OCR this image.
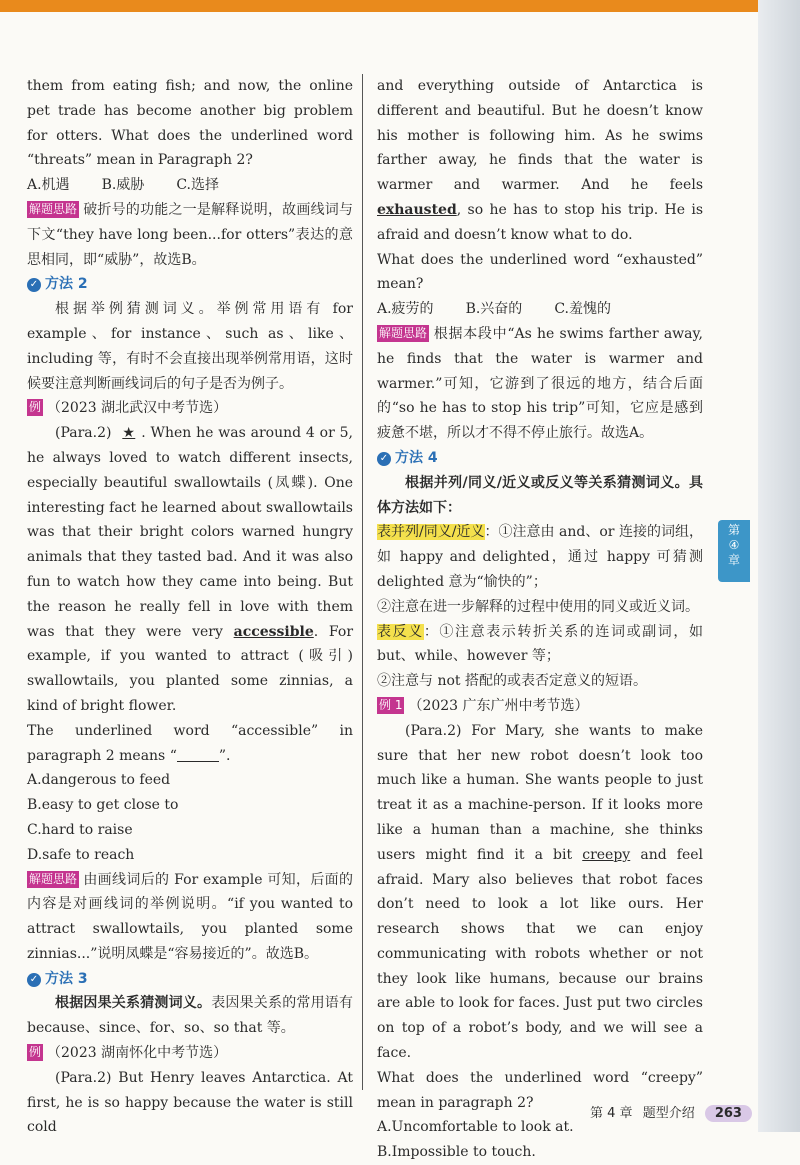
第
④
章

them from eating fish; and now, the online pet trade has become another big problem for otters. What does the underlined word “threats” mean in Paragraph 2?

A.机遇 B.威胁 C.选择

解题思路 破折号的功能之一是解释说明，故画线词与下文“they have long been...for otters”表达的意思相同，即“威胁”，故选B。

✓ 方法 2

根据举例猜测词义。举例常用语有 for example、for instance、such as、like、including 等，有时不会直接出现举例常用语，这时候要注意判断画线词后的句子是否为例子。

例 （2023 湖北武汉中考节选）

(Para.2) ★ . When he was around 4 or 5, he always loved to watch different insects, especially beautiful swallowtails (凤蝶). One interesting fact he learned about swallowtails was that their bright colors warned hungry animals that they tasted bad. And it was also fun to watch how they came into being. But the reason he really fell in love with them was that they were very accessible. For example, if you wanted to attract (吸引) swallowtails, you planted some zinnias, a kind of bright flower.

The underlined word “accessible” in paragraph 2 means “	”.

A.dangerous to feed

B.easy to get close to

C.hard to raise

D.safe to reach

解题思路 由画线词后的 For example 可知，后面的内容是对画线词的举例说明。“if you wanted to attract swallowtails, you planted some zinnias...”说明凤蝶是“容易接近的”。故选B。

✓ 方法 3

根据因果关系猜测词义。表因果关系的常用语有 because、since、for、so、so that 等。

例 （2023 湖南怀化中考节选）

(Para.2) But Henry leaves Antarctica. At first, he is so happy because the water is still cold

and everything outside of Antarctica is different and beautiful. But he doesn’t know his mother is following him. As he swims farther away, he finds that the water is warmer and warmer. And he feels exhausted, so he has to stop his trip. He is afraid and doesn’t know what to do.

What does the underlined word “exhausted” mean?

A.疲劳的 B.兴奋的 C.羞愧的

解题思路 根据本段中“As he swims farther away, he finds that the water is warmer and warmer.”可知，它游到了很远的地方，结合后面的“so he has to stop his trip”可知，它应是感到疲惫不堪，所以才不得不停止旅行。故选A。

✓ 方法 4

根据并列/同义/近义或反义等关系猜测词义。具体方法如下：

表并列/同义/近义：①注意由 and、or 连接的词组，如 happy and delighted，通过 happy 可猜测 delighted 意为“愉快的”；

②注意在进一步解释的过程中使用的同义或近义词。

表反义：①注意表示转折关系的连词或副词，如 but、while、however 等；

②注意与 not 搭配的或表否定意义的短语。

例 1 （2023 广东广州中考节选）

(Para.2) For Mary, she wants to make sure that her new robot doesn’t look too much like a human. She wants people to just treat it as a machine-person. If it looks more like a human than a machine, she thinks users might find it a bit creepy and feel afraid. Mary also believes that robot faces don’t need to look a lot like ours. Her research shows that we can enjoy communicating with robots whether or not they look like humans, because our brains are able to look for faces. Just put two circles on top of a robot’s body, and we will see a face.

What does the underlined word “creepy” mean in paragraph 2?

A.Uncomfortable to look at.

B.Impossible to touch.

第 4 章 题型介绍 263
